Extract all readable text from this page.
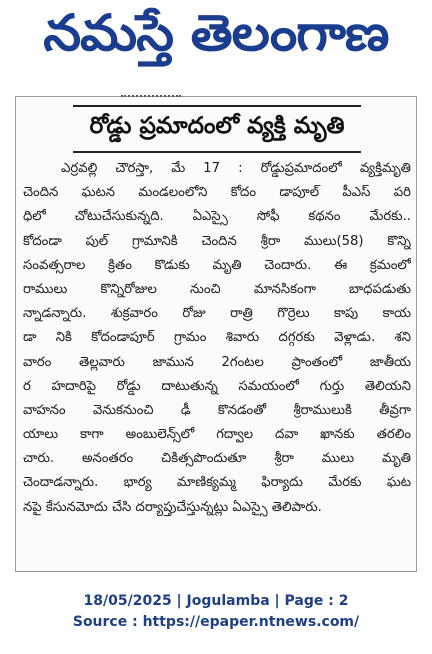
నమస్తే తెలంగాణ
రోడ్డు ప్రమాదంలో వ్యక్తి మృతి
ఎర్రవల్లి చౌరస్తా, మే 17 : రోడ్డుప్రమాదంలో వ్యక్తిమృతి
చెందిన ఘటన మండలంలోని కోదం డాపూల్ పీఎస్ పరి
ధిలో చోటుచేసుకున్నది. ఏఎస్సై సోఫీ కథనం మేరకు..
కోదండా పుల్ గ్రామానికి చెందిన శ్రీరా ములు(58) కొన్ని
సంవత్సరాల క్రితం కొడుకు మృతి చెందారు. ఈ క్రమంలో
రాములు కొన్నిరోజుల నుంచి మానసికంగా బాధపడుతు
న్నాడన్నారు. శుక్రవారం రోజు రాత్రి గొర్రెలు కాపు కాయ
డా నికి కోదండాపూర్ గ్రామం శివారు దగ్గరకు వెళ్లాడు. శని
వారం తెల్లవారు జామున 2గంటల ప్రాంతంలో జాతీయ
ర హదారిపై రోడ్డు దాటుతున్న సమయంలో గుర్తు తెలియని
వాహనం వెనుకనుంచి ఢీ కొనడంతో శ్రీరాములుకి తీవ్రగా
యాలు కాగా అంబులెన్స్‌లో గద్వాల దవా ఖానకు తరలిం
చారు. అనంతరం చికిత్సపొందుతూ శ్రీరా ములు మృతి
చెందాడన్నారు. భార్య మాణిక్యమ్మ ఫిర్యాదు మేరకు ఘట
నపై కేసునమోదు చేసి దర్యాప్తుచేస్తున్నట్లు ఏఎస్సై తెలిపారు.
18/05/2025 | Jogulamba | Page : 2
Source : https://epaper.ntnews.com/
